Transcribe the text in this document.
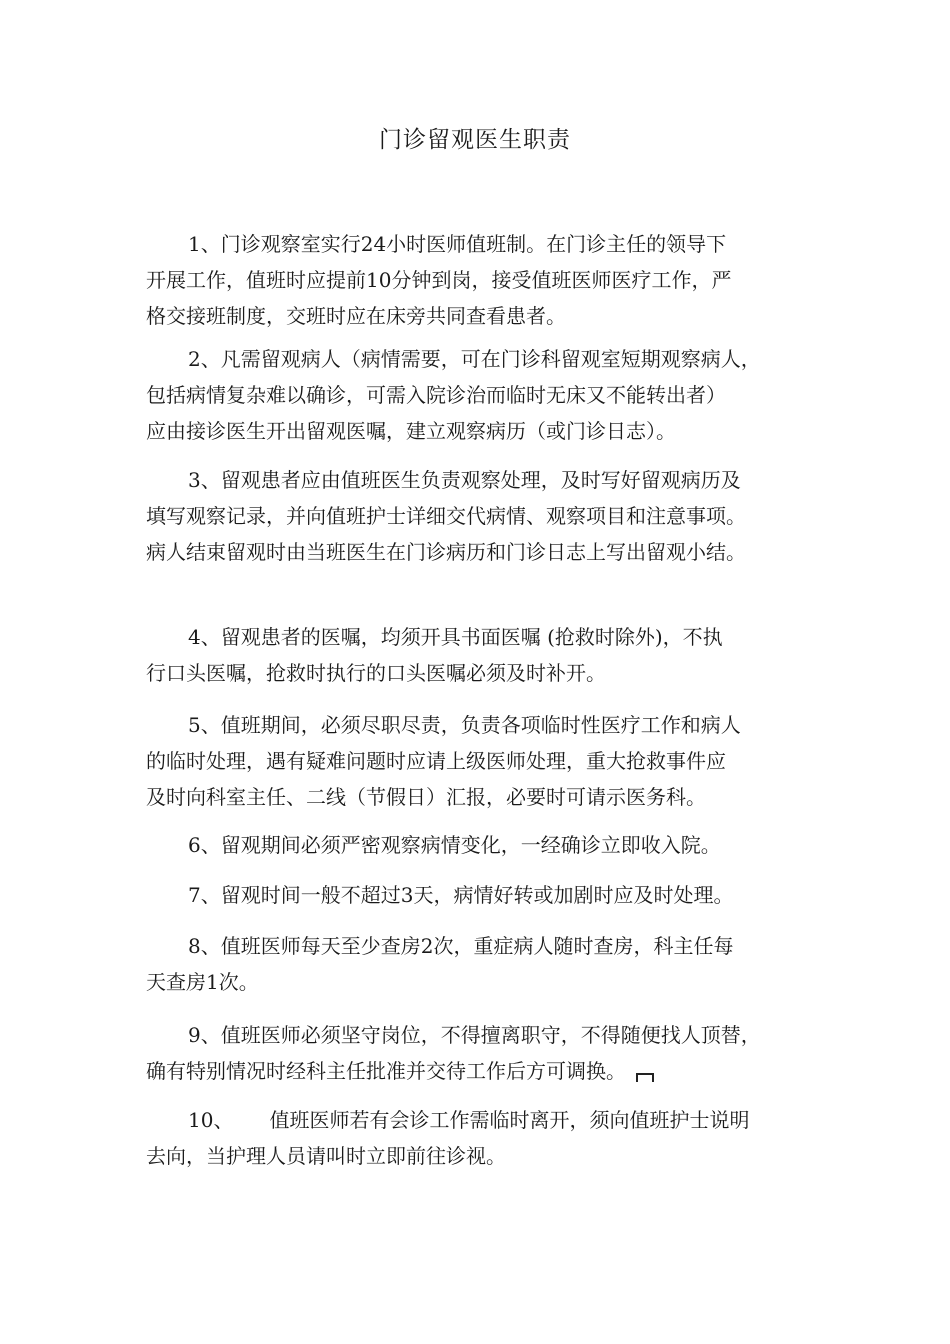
门诊留观医生职责
1、门诊观察室实行24小时医师值班制。在门诊主任的领导下
开展工作，值班时应提前10分钟到岗，接受值班医师医疗工作，严
格交接班制度，交班时应在床旁共同查看患者。
2、凡需留观病人（病情需要，可在门诊科留观室短期观察病人，
包括病情复杂难以确诊，可需入院诊治而临时无床又不能转出者）
应由接诊医生开出留观医嘱，建立观察病历（或门诊日志）。
3、留观患者应由值班医生负责观察处理，及时写好留观病历及
填写观察记录，并向值班护士详细交代病情、观察项目和注意事项。
病人结束留观时由当班医生在门诊病历和门诊日志上写出留观小结。
4、留观患者的医嘱，均须开具书面医嘱 (抢救时除外)，不执
行口头医嘱，抢救时执行的口头医嘱必须及时补开。
5、值班期间，必须尽职尽责，负责各项临时性医疗工作和病人
的临时处理，遇有疑难问题时应请上级医师处理，重大抢救事件应
及时向科室主任、二线（节假日）汇报，必要时可请示医务科。
6、留观期间必须严密观察病情变化，一经确诊立即收入院。
7、留观时间一般不超过3天，病情好转或加剧时应及时处理。
8、值班医师每天至少查房2次，重症病人随时查房，科主任每
天查房1次。
9、值班医师必须坚守岗位，不得擅离职守，不得随便找人顶替，
确有特别情况时经科主任批准并交待工作后方可调换。
10、 值班医师若有会诊工作需临时离开，须向值班护士说明
去向，当护理人员请叫时立即前往诊视。
